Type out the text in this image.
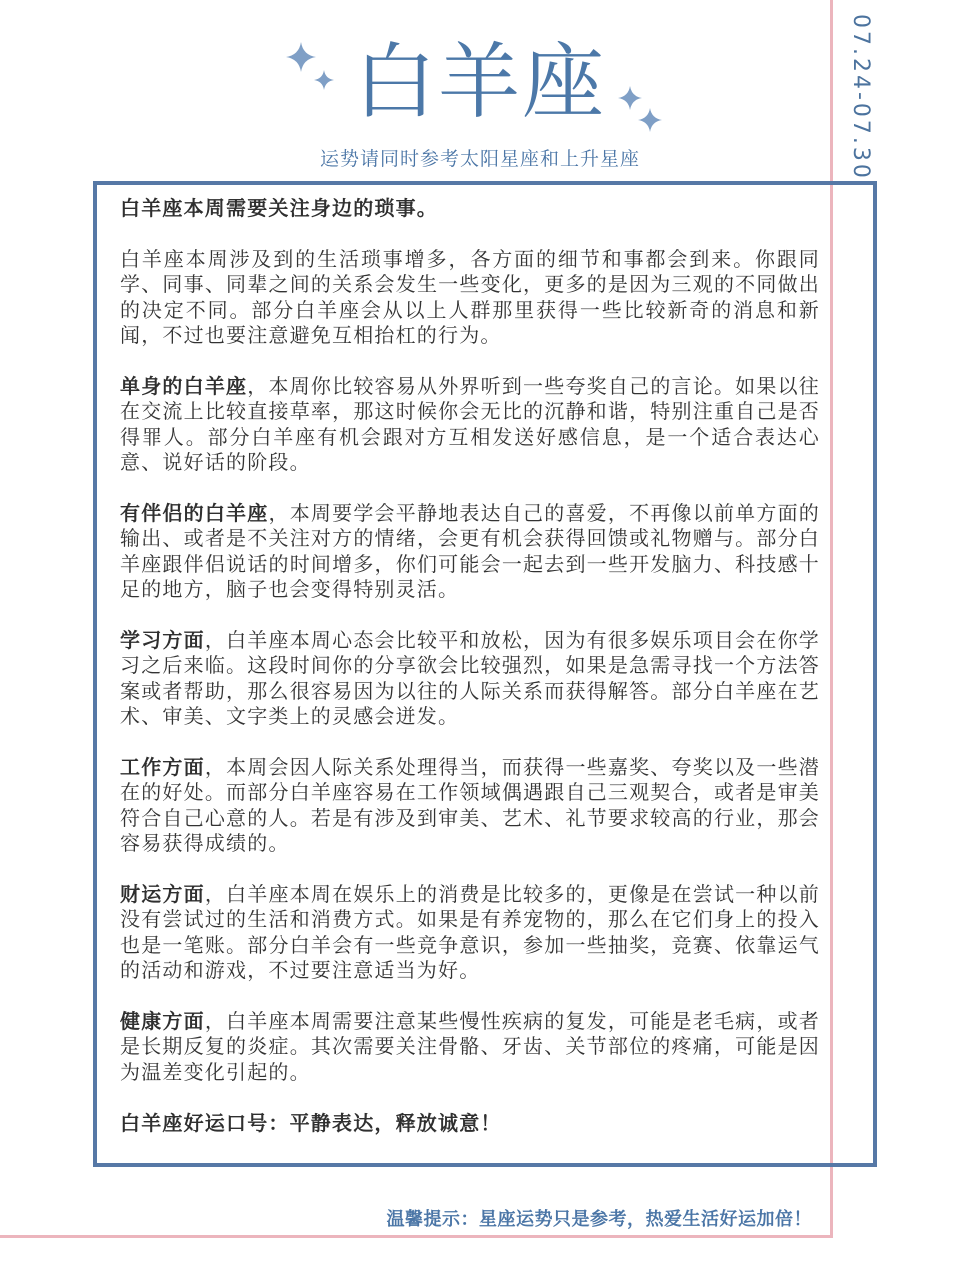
07.24-07.30
白羊座
运势请同时参考太阳星座和上升星座

白羊座本周需要关注身边的琐事。

白羊座本周涉及到的生活琐事增多，各方面的细节和事都会到来。你跟同学、同事、同辈之间的关系会发生一些变化，更多的是因为三观的不同做出的决定不同。部分白羊座会从以上人群那里获得一些比较新奇的消息和新闻，不过也要注意避免互相抬杠的行为。

单身的白羊座，本周你比较容易从外界听到一些夸奖自己的言论。如果以往在交流上比较直接草率，那这时候你会无比的沉静和谐，特别注重自己是否得罪人。部分白羊座有机会跟对方互相发送好感信息，是一个适合表达心意、说好话的阶段。

有伴侣的白羊座，本周要学会平静地表达自己的喜爱，不再像以前单方面的输出、或者是不关注对方的情绪，会更有机会获得回馈或礼物赠与。部分白羊座跟伴侣说话的时间增多，你们可能会一起去到一些开发脑力、科技感十足的地方，脑子也会变得特别灵活。

学习方面，白羊座本周心态会比较平和放松，因为有很多娱乐项目会在你学习之后来临。这段时间你的分享欲会比较强烈，如果是急需寻找一个方法答案或者帮助，那么很容易因为以往的人际关系而获得解答。部分白羊座在艺术、审美、文字类上的灵感会迸发。

工作方面，本周会因人际关系处理得当，而获得一些嘉奖、夸奖以及一些潜在的好处。而部分白羊座容易在工作领域偶遇跟自己三观契合，或者是审美符合自己心意的人。若是有涉及到审美、艺术、礼节要求较高的行业，那会容易获得成绩的。

财运方面，白羊座本周在娱乐上的消费是比较多的，更像是在尝试一种以前没有尝试过的生活和消费方式。如果是有养宠物的，那么在它们身上的投入也是一笔账。部分白羊会有一些竞争意识，参加一些抽奖，竞赛、依靠运气的活动和游戏，不过要注意适当为好。

健康方面，白羊座本周需要注意某些慢性疾病的复发，可能是老毛病，或者是长期反复的炎症。其次需要关注骨骼、牙齿、关节部位的疼痛，可能是因为温差变化引起的。

白羊座好运口号：平静表达，释放诚意！

温馨提示：星座运势只是参考，热爱生活好运加倍！
